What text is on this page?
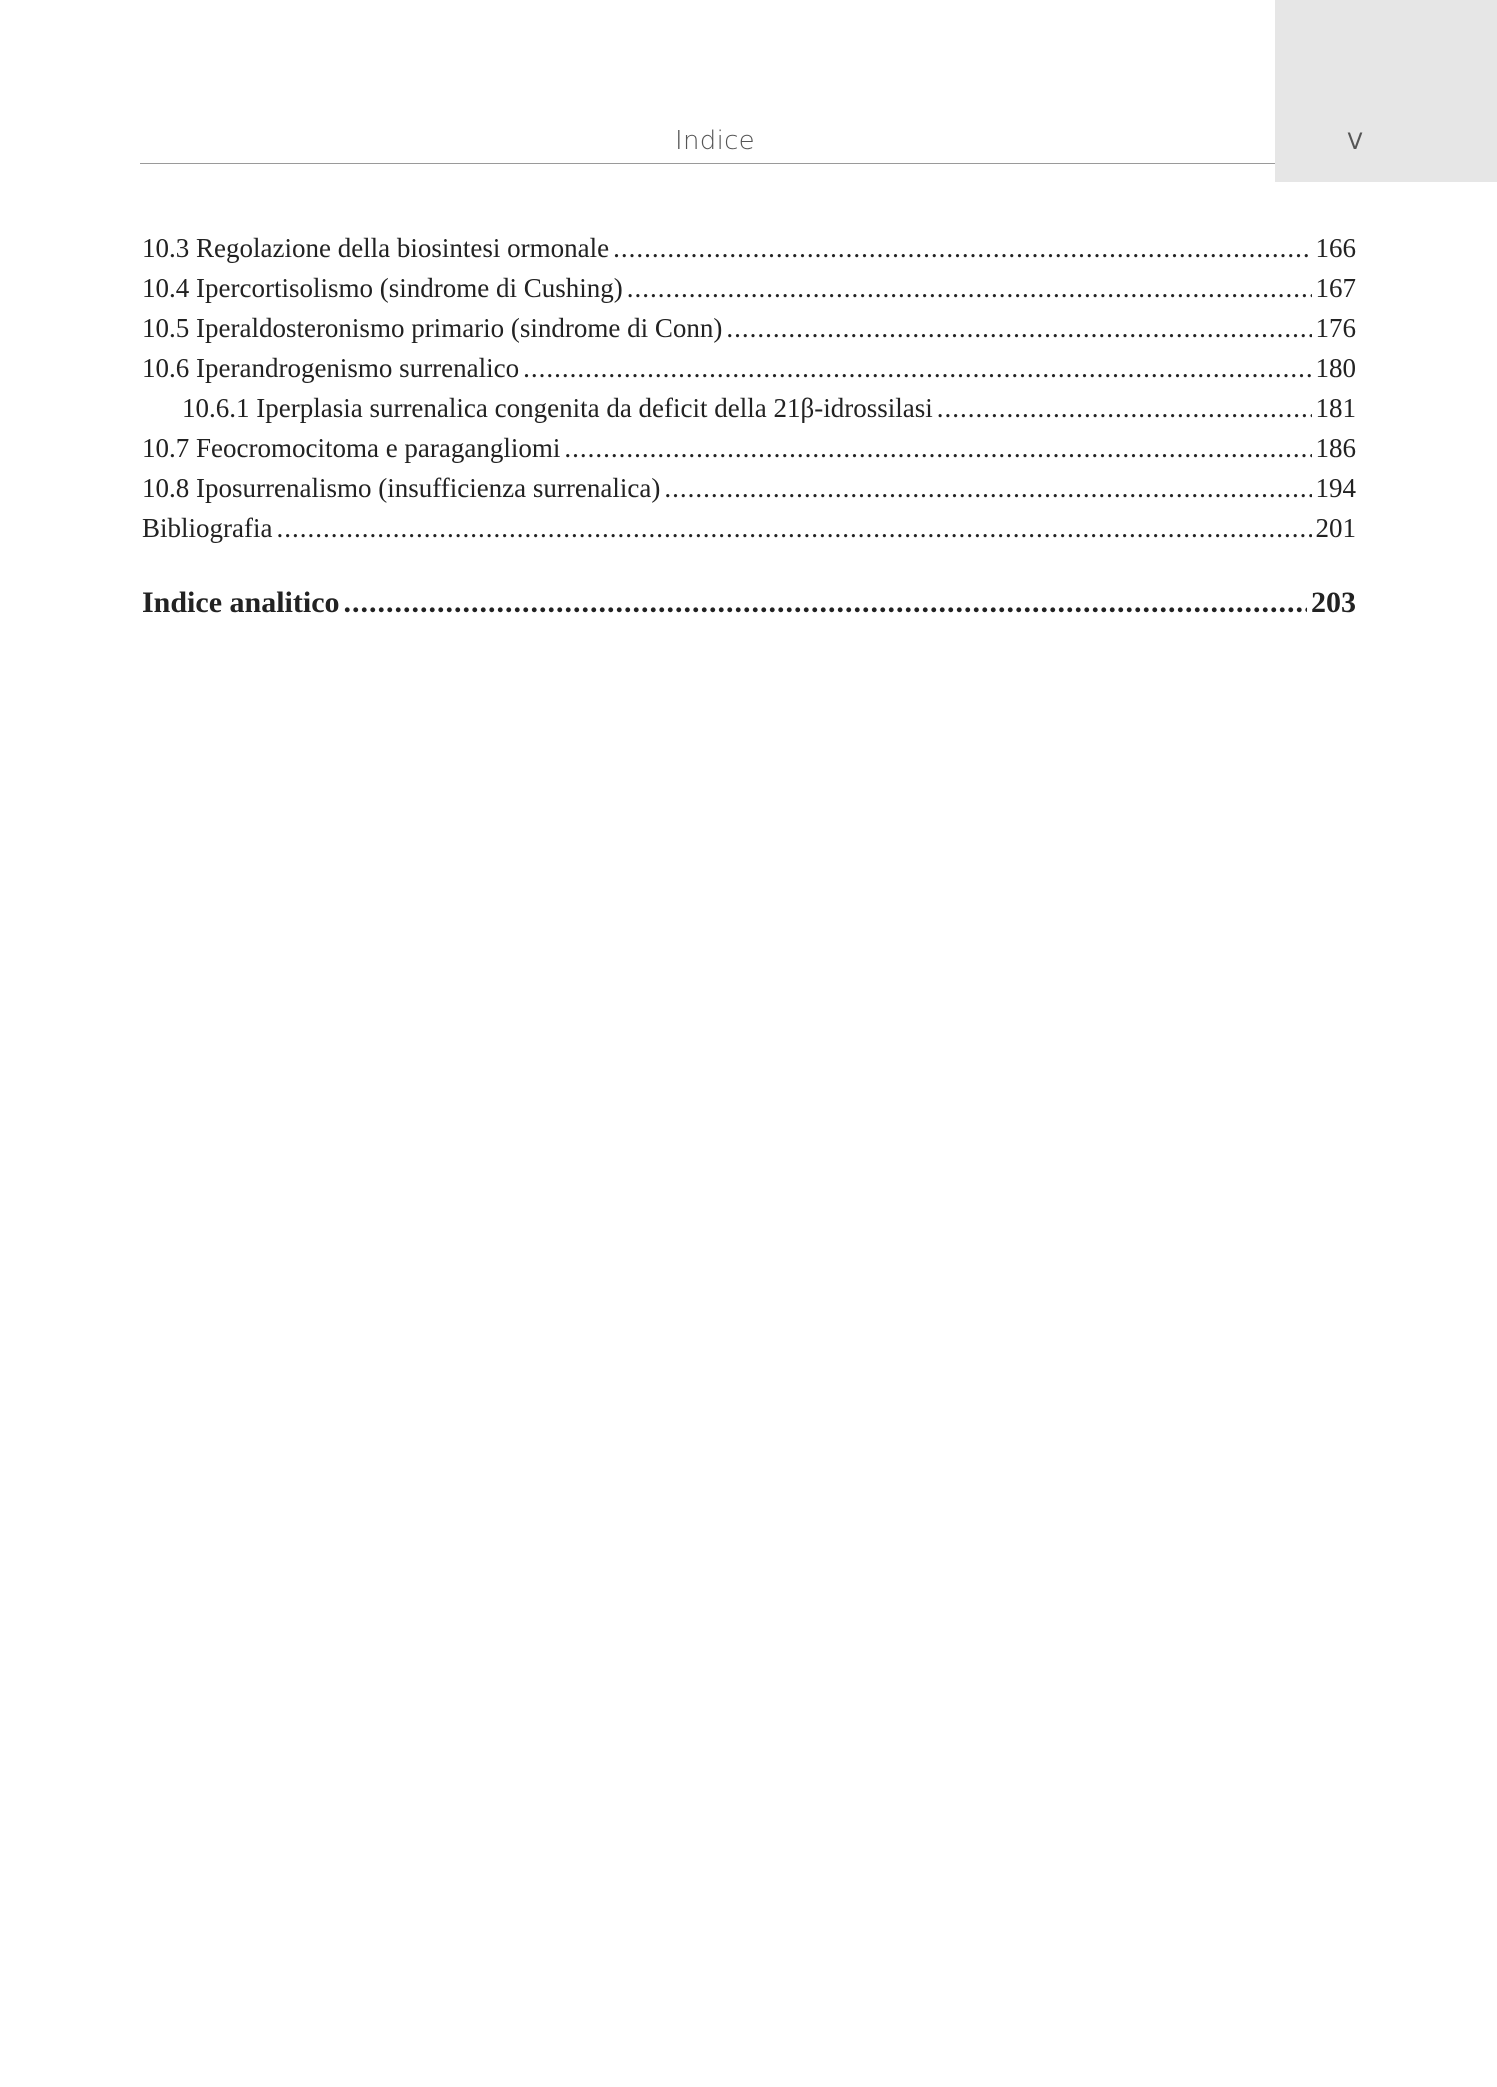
V
Indice
10.3 Regolazione della biosintesi ormonale .....	166
10.4 Ipercortisolismo (sindrome di Cushing) .....	167
10.5 Iperaldosteronismo primario (sindrome di Conn) .....	176
10.6 Iperandrogenismo surrenalico .....	180
10.6.1 Iperplasia surrenalica congenita da deficit della 21β-idrossilasi .....	181
10.7 Feocromocitoma e paragangliomi .....	186
10.8 Iposurrenalismo (insufficienza surrenalica) .....	194
Bibliografia .....	201
Indice analitico .....	203
